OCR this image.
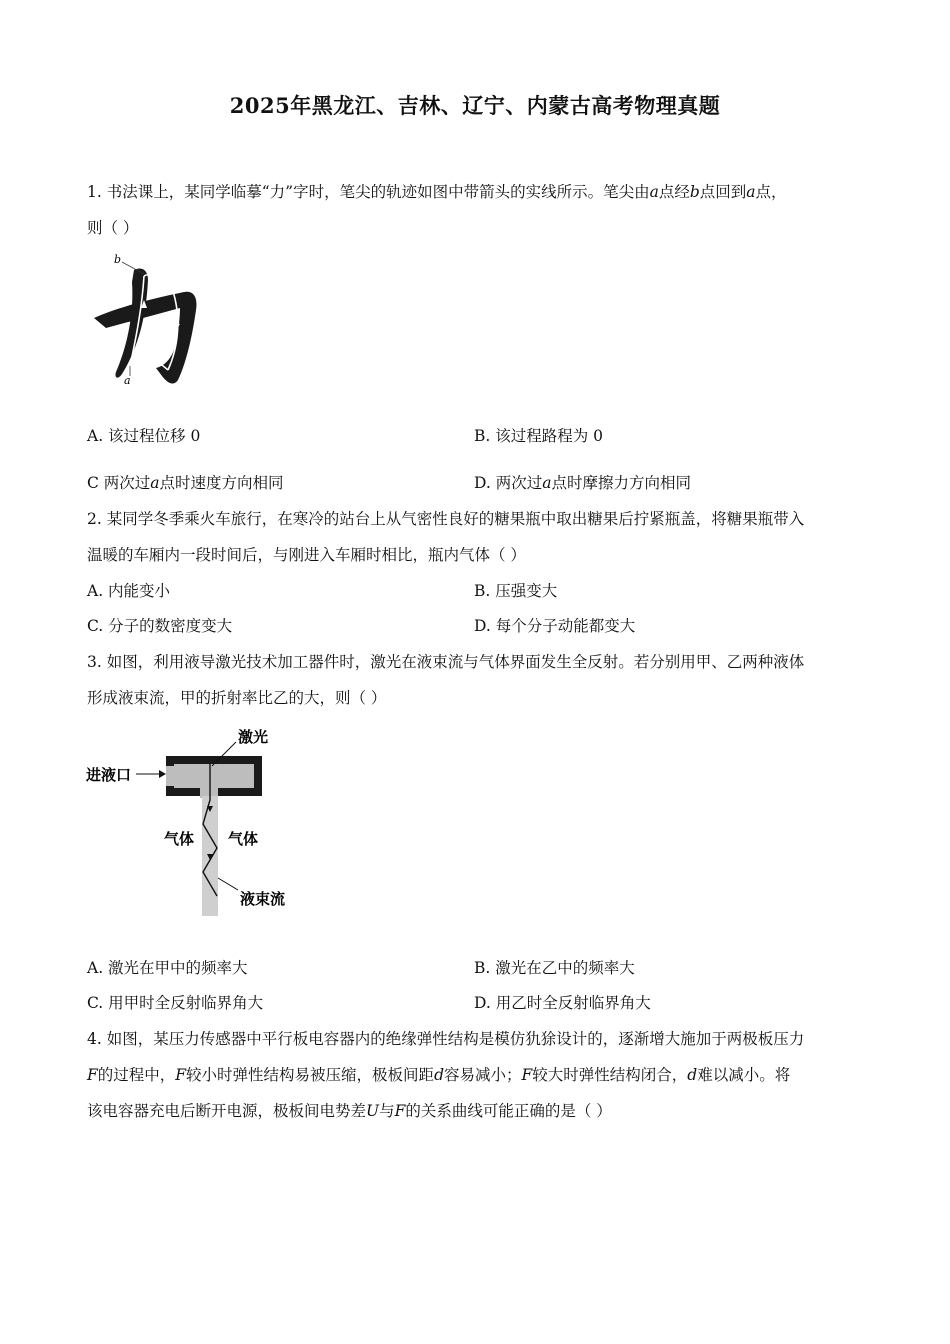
2025年黑龙江、吉林、辽宁、内蒙古高考物理真题
1. 书法课上，某同学临摹“力”字时，笔尖的轨迹如图中带箭头的实线所示。笔尖由a点经b点回到a点，
则（ ）
b
a
A. 该过程位移 0	B. 该过程路程为 0
C 两次过a点时速度方向相同	D. 两次过a点时摩擦力方向相同
2. 某同学冬季乘火车旅行，在寒冷的站台上从气密性良好的糖果瓶中取出糖果后拧紧瓶盖，将糖果瓶带入
温暖的车厢内一段时间后，与刚进入车厢时相比，瓶内气体（ ）
A. 内能变小	B. 压强变大
C. 分子的数密度变大	D. 每个分子动能都变大
3. 如图，利用液导激光技术加工器件时，激光在液束流与气体界面发生全反射。若分别用甲、乙两种液体
形成液束流，甲的折射率比乙的大，则（ ）
激光
进液口
气体 气体
液束流
A. 激光在甲中的频率大	B. 激光在乙中的频率大
C. 用甲时全反射临界角大	D. 用乙时全反射临界角大
4. 如图，某压力传感器中平行板电容器内的绝缘弹性结构是模仿犰狳设计的，逐渐增大施加于两极板压力
F的过程中，F较小时弹性结构易被压缩，极板间距d容易减小；F较大时弹性结构闭合，d难以减小。将
该电容器充电后断开电源，极板间电势差U与F的关系曲线可能正确的是（ ）
